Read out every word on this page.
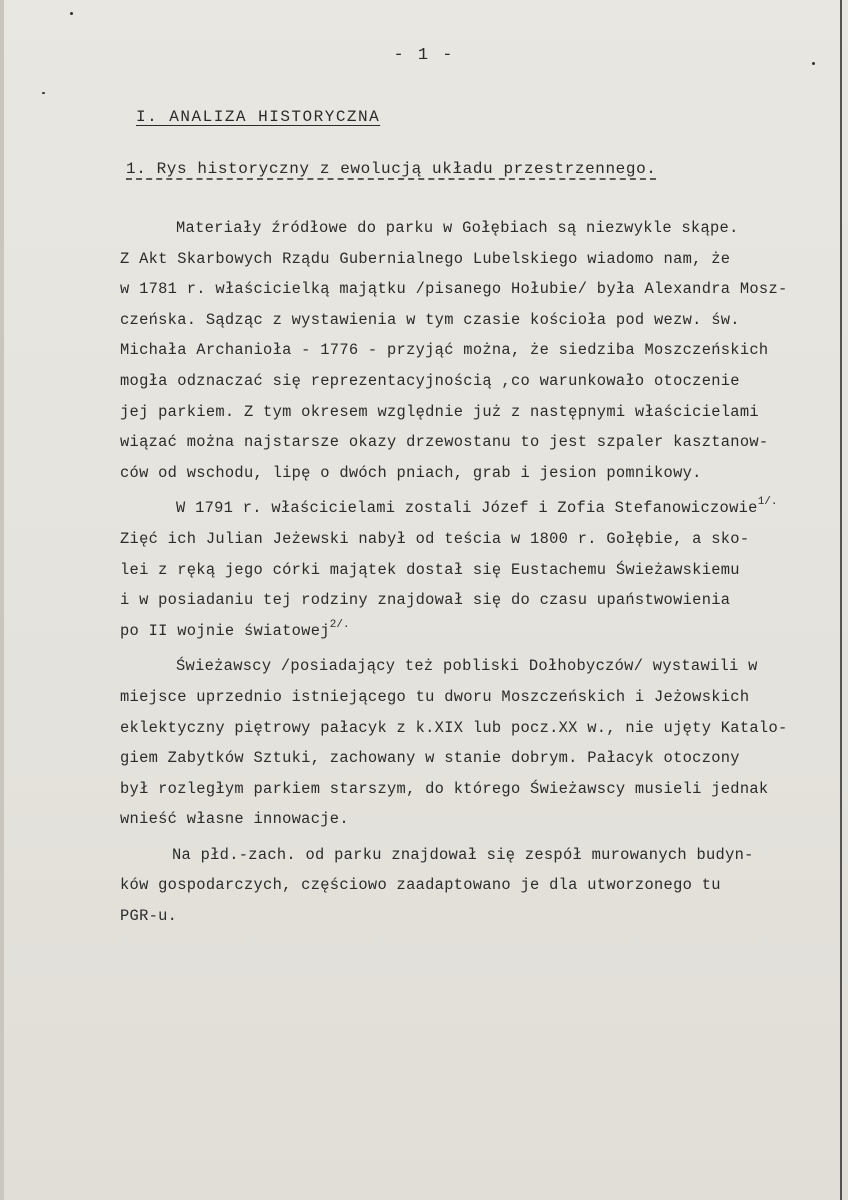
- 1 -
I. ANALIZA HISTORYCZNA
1. Rys historyczny z ewolucją układu przestrzennego.
Materiały źródłowe do parku w Gołębiach są niezwykle skąpe.
Z Akt Skarbowych Rządu Gubernialnego Lubelskiego wiadomo nam, że
w 1781 r. właścicielką majątku /pisanego Hołubie/ była Alexandra Mosz-
czeńska. Sądząc z wystawienia w tym czasie kościoła pod wezw. św.
Michała Archanioła - 1776 - przyjąć można, że siedziba Moszczeńskich
mogła odznaczać się reprezentacyjnością ,co warunkowało otoczenie
jej parkiem. Z tym okresem względnie już z następnymi właścicielami
wiązać można najstarsze okazy drzewostanu to jest szpaler kasztanow-
ców od wschodu, lipę o dwóch pniach, grab i jesion pomnikowy.
W 1791 r. właścicielami zostali Józef i Zofia Stefanowiczowie$^{1/.}$
Zięć ich Julian Jeżewski nabył od teścia w 1800 r. Gołębie, a sko-
lei z ręką jego córki majątek dostał się Eustachemu Świeżawskiemu
i w posiadaniu tej rodziny znajdował się do czasu upaństwowienia
po II wojnie światowej$^{2/.}$
Świeżawscy /posiadający też pobliski Dołhobyczów/ wystawili w
miejsce uprzednio istniejącego tu dworu Moszczeńskich i Jeżowskich
eklektyczny piętrowy pałacyk z k.XIX lub pocz.XX w., nie ujęty Katalo-
giem Zabytków Sztuki, zachowany w stanie dobrym. Pałacyk otoczony
był rozległym parkiem starszym, do którego Świeżawscy musieli jednak
wnieść własne innowacje.
Na płd.-zach. od parku znajdował się zespół murowanych budyn-
ków gospodarczych, częściowo zaadaptowano je dla utworzonego tu
PGR-u.
